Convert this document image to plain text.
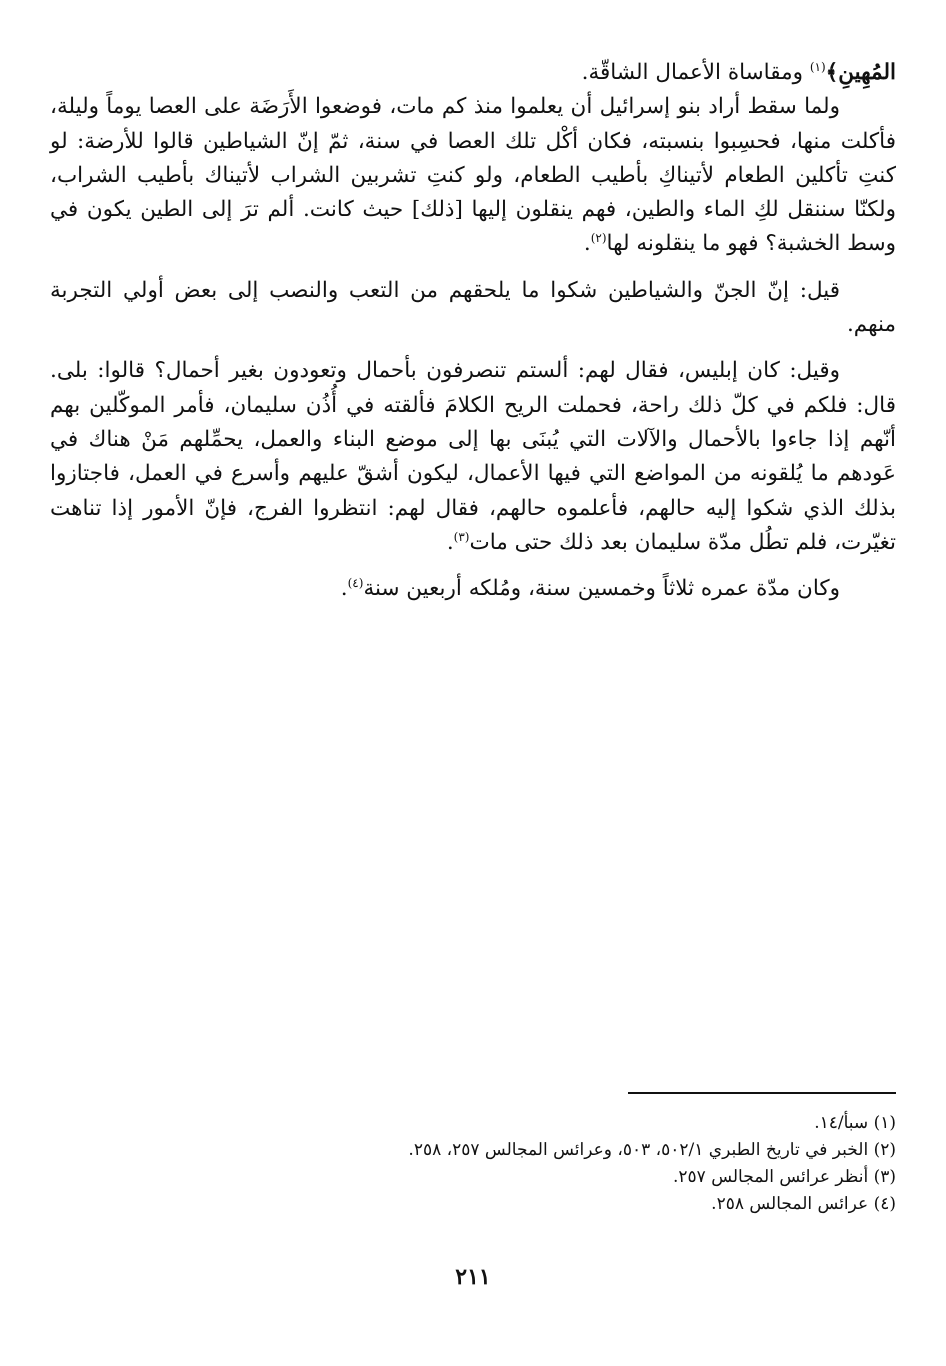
المُهِينِ﴾$^{(١)}$ ومقاساة الأعمال الشاقّة.

ولما سقط أراد بنو إسرائيل أن يعلموا منذ كم مات، فوضعوا الأَرَضَة على العصا يوماً وليلة، فأكلت منها، فحسِبوا بنسبته، فكان أكْل تلك العصا في سنة، ثمّ إنّ الشياطين قالوا للأرضة: لو كنتِ تأكلين الطعام لأتيناكِ بأطيب الطعام، ولو كنتِ تشربين الشراب لأتيناك بأطيب الشراب، ولكنّا سننقل لكِ الماء والطين، فهم ينقلون إليها [ذلك] حيث كانت. ألم ترَ إلى الطين يكون في وسط الخشبة؟ فهو ما ينقلونه لها$^{(٢)}$.

قيل: إنّ الجنّ والشياطين شكوا ما يلحقهم من التعب والنصب إلى بعض أولي التجربة منهم.

وقيل: كان إبليس، فقال لهم: ألستم تنصرفون بأحمال وتعودون بغير أحمال؟ قالوا: بلى. قال: فلكم في كلّ ذلك راحة، فحملت الريح الكلامَ فألقته في أُذُن سليمان، فأمر الموكّلين بهم أنّهم إذا جاءوا بالأحمال والآلات التي يُبنَى بها إلى موضع البناء والعمل، يحمِّلهم مَنْ هناك في عَودهم ما يُلقونه من المواضع التي فيها الأعمال، ليكون أشقّ عليهم وأسرع في العمل، فاجتازوا بذلك الذي شكوا إليه حالهم، فأعلموه حالهم، فقال لهم: انتظروا الفرج، فإنّ الأمور إذا تناهت تغيّرت، فلم تطُل مدّة سليمان بعد ذلك حتى مات$^{(٣)}$.

وكان مدّة عمره ثلاثاً وخمسين سنة، ومُلكه أربعين سنة$^{(٤)}$.

(١) سبأ/١٤.

(٢) الخبر في تاريخ الطبري ٥٠٢/١، ٥٠٣، وعرائس المجالس ٢٥٧، ٢٥٨.

(٣) أنظر عرائس المجالس ٢٥٧.

(٤) عرائس المجالس ٢٥٨.

٢١١
